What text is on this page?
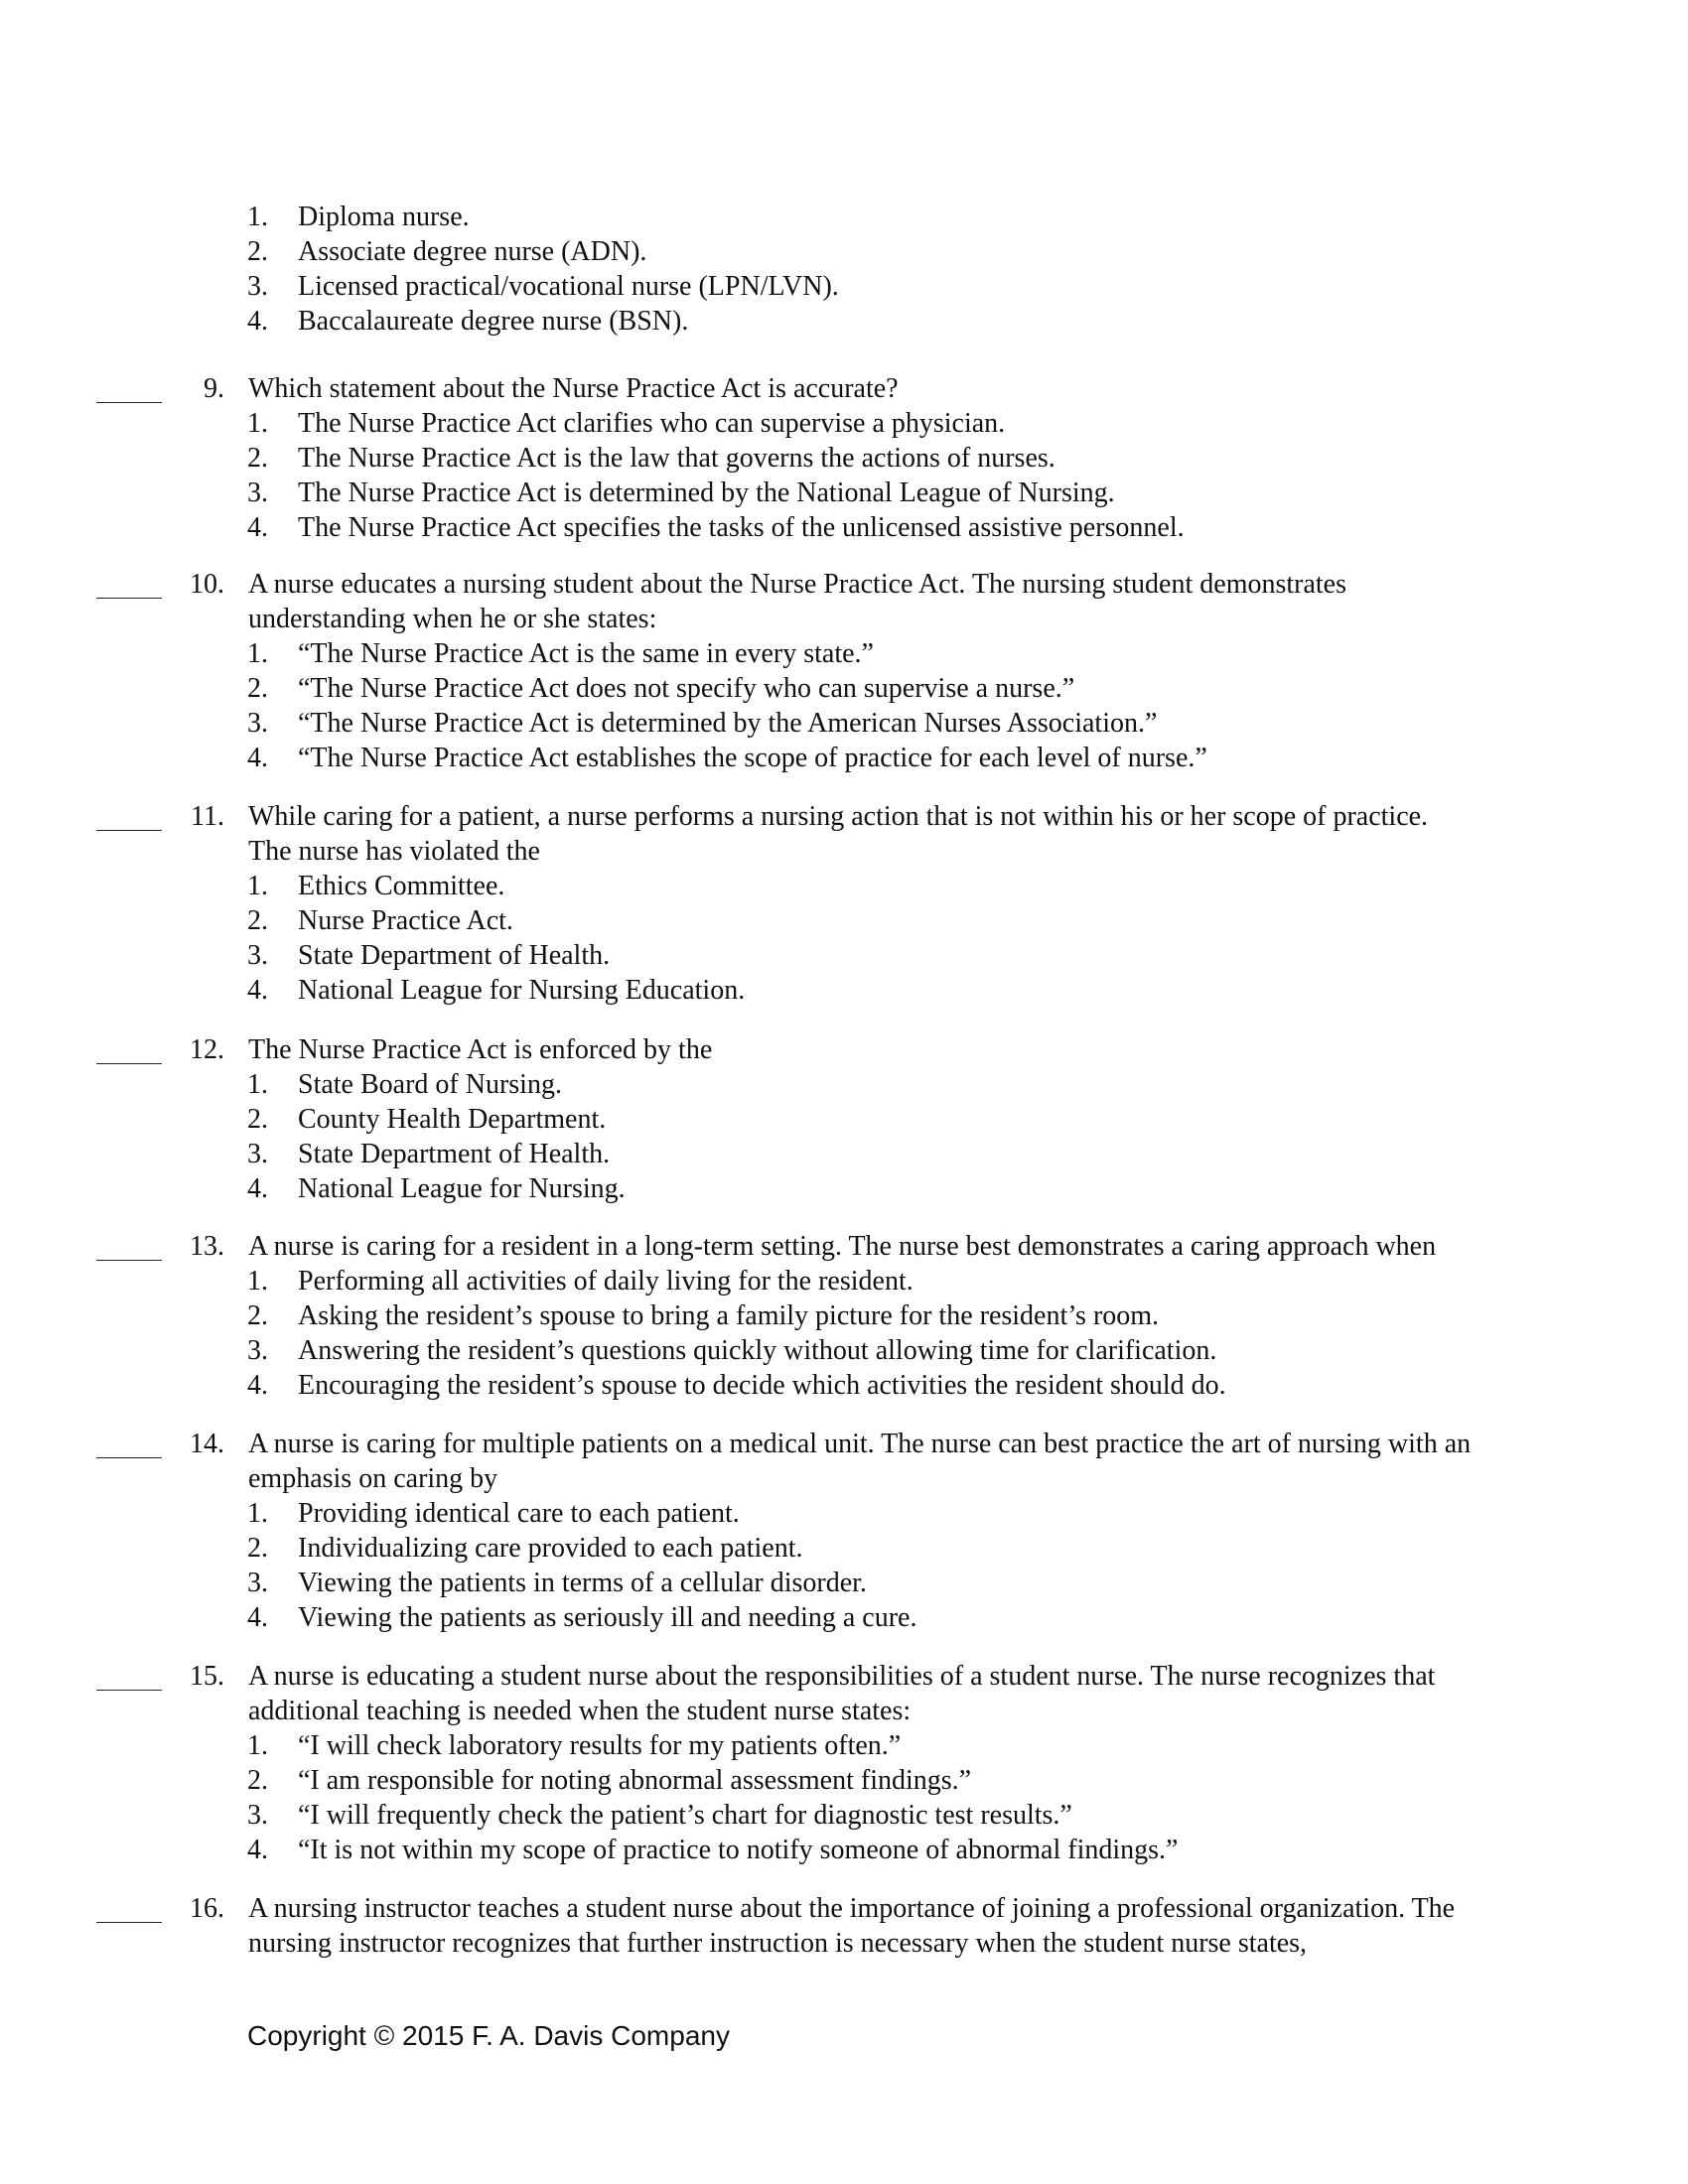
1. Diploma nurse.
2. Associate degree nurse (ADN).
3. Licensed practical/vocational nurse (LPN/LVN).
4. Baccalaureate degree nurse (BSN).
9. Which statement about the Nurse Practice Act is accurate?
1. The Nurse Practice Act clarifies who can supervise a physician.
2. The Nurse Practice Act is the law that governs the actions of nurses.
3. The Nurse Practice Act is determined by the National League of Nursing.
4. The Nurse Practice Act specifies the tasks of the unlicensed assistive personnel.
10. A nurse educates a nursing student about the Nurse Practice Act. The nursing student demonstrates
understanding when he or she states:
1. “The Nurse Practice Act is the same in every state.”
2. “The Nurse Practice Act does not specify who can supervise a nurse.”
3. “The Nurse Practice Act is determined by the American Nurses Association.”
4. “The Nurse Practice Act establishes the scope of practice for each level of nurse.”
11. While caring for a patient, a nurse performs a nursing action that is not within his or her scope of practice.
The nurse has violated the
1. Ethics Committee.
2. Nurse Practice Act.
3. State Department of Health.
4. National League for Nursing Education.
12. The Nurse Practice Act is enforced by the
1. State Board of Nursing.
2. County Health Department.
3. State Department of Health.
4. National League for Nursing.
13. A nurse is caring for a resident in a long-term setting. The nurse best demonstrates a caring approach when
1. Performing all activities of daily living for the resident.
2. Asking the resident’s spouse to bring a family picture for the resident’s room.
3. Answering the resident’s questions quickly without allowing time for clarification.
4. Encouraging the resident’s spouse to decide which activities the resident should do.
14. A nurse is caring for multiple patients on a medical unit. The nurse can best practice the art of nursing with an
emphasis on caring by
1. Providing identical care to each patient.
2. Individualizing care provided to each patient.
3. Viewing the patients in terms of a cellular disorder.
4. Viewing the patients as seriously ill and needing a cure.
15. A nurse is educating a student nurse about the responsibilities of a student nurse. The nurse recognizes that
additional teaching is needed when the student nurse states:
1. “I will check laboratory results for my patients often.”
2. “I am responsible for noting abnormal assessment findings.”
3. “I will frequently check the patient’s chart for diagnostic test results.”
4. “It is not within my scope of practice to notify someone of abnormal findings.”
16. A nursing instructor teaches a student nurse about the importance of joining a professional organization. The
nursing instructor recognizes that further instruction is necessary when the student nurse states,
Copyright © 2015 F. A. Davis Company
